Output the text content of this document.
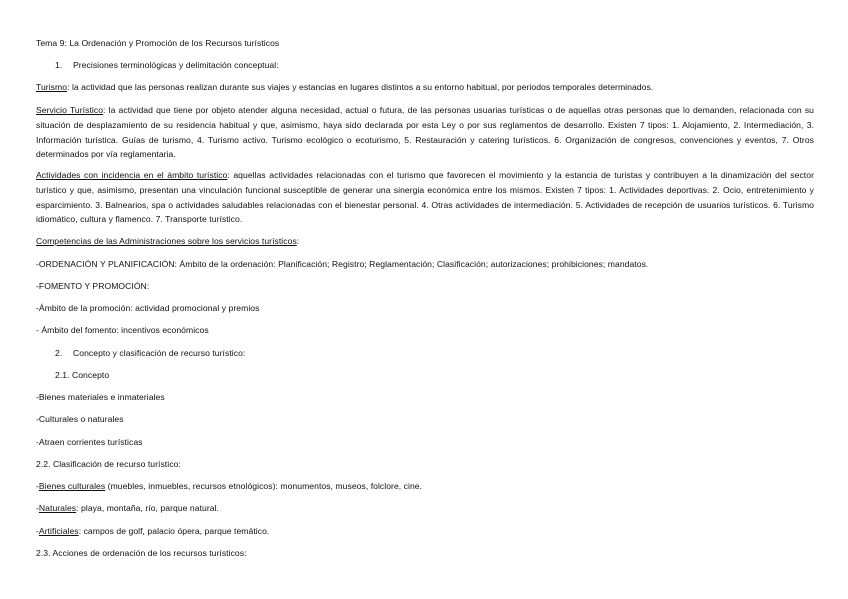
Tema 9: La Ordenación y Promoción de los Recursos turísticos
1. Precisiones terminológicas y delimitación conceptual:
Turismo: la actividad que las personas realizan durante sus viajes y estancias en lugares distintos a su entorno habitual, por periodos temporales determinados.
Servicio Turístico: la actividad que tiene por objeto atender alguna necesidad, actual o futura, de las personas usuarias turísticas o de aquellas otras personas que lo demanden, relacionada con su situación de desplazamiento de su residencia habitual y que, asimismo, haya sido declarada por esta Ley o por sus reglamentos de desarrollo. Existen 7 tipos: 1. Alojamiento, 2. Intermediación, 3. Información turística. Guías de turismo, 4. Turismo activo. Turismo ecológico o ecoturismo, 5. Restauración y catering turísticos. 6. Organización de congresos, convenciones y eventos, 7. Otros determinados por vía reglamentaria.
Actividades con incidencia en el ámbito turístico: aquellas actividades relacionadas con el turismo que favorecen el movimiento y la estancia de turistas y contribuyen a la dinamización del sector turístico y que, asimismo, presentan una vinculación funcional susceptible de generar una sinergia económica entre los mismos. Existen 7 tipos: 1. Actividades deportivas. 2. Ocio, entretenimiento y esparcimiento. 3. Balnearios, spa o actividades saludables relacionadas con el bienestar personal. 4. Otras actividades de intermediación. 5. Actividades de recepción de usuarios turísticos. 6. Turismo idiomático, cultura y flamenco. 7. Transporte turístico.
Competencias de las Administraciones sobre los servicios turísticos:
-ORDENACIÓN Y PLANIFICACIÓN: Ámbito de la ordenación: Planificación; Registro; Reglamentación; Clasificación; autorizaciones; prohibiciones; mandatos.
-FOMENTO Y PROMOCIÓN:
-Ámbito de la promoción: actividad promocional y premios
- Ámbito del fomento: incentivos económicos
2. Concepto y clasificación de recurso turístico:
2.1. Concepto
-Bienes materiales e inmateriales
-Culturales o naturales
-Atraen corrientes turísticas
2.2. Clasificación de recurso turístico:
-Bienes culturales (muebles, inmuebles, recursos etnológicos): monumentos, museos, folclore, cine.
-Naturales: playa, montaña, río, parque natural.
-Artificiales: campos de golf, palacio ópera, parque temático.
2.3. Acciones de ordenación de los recursos turísticos:
